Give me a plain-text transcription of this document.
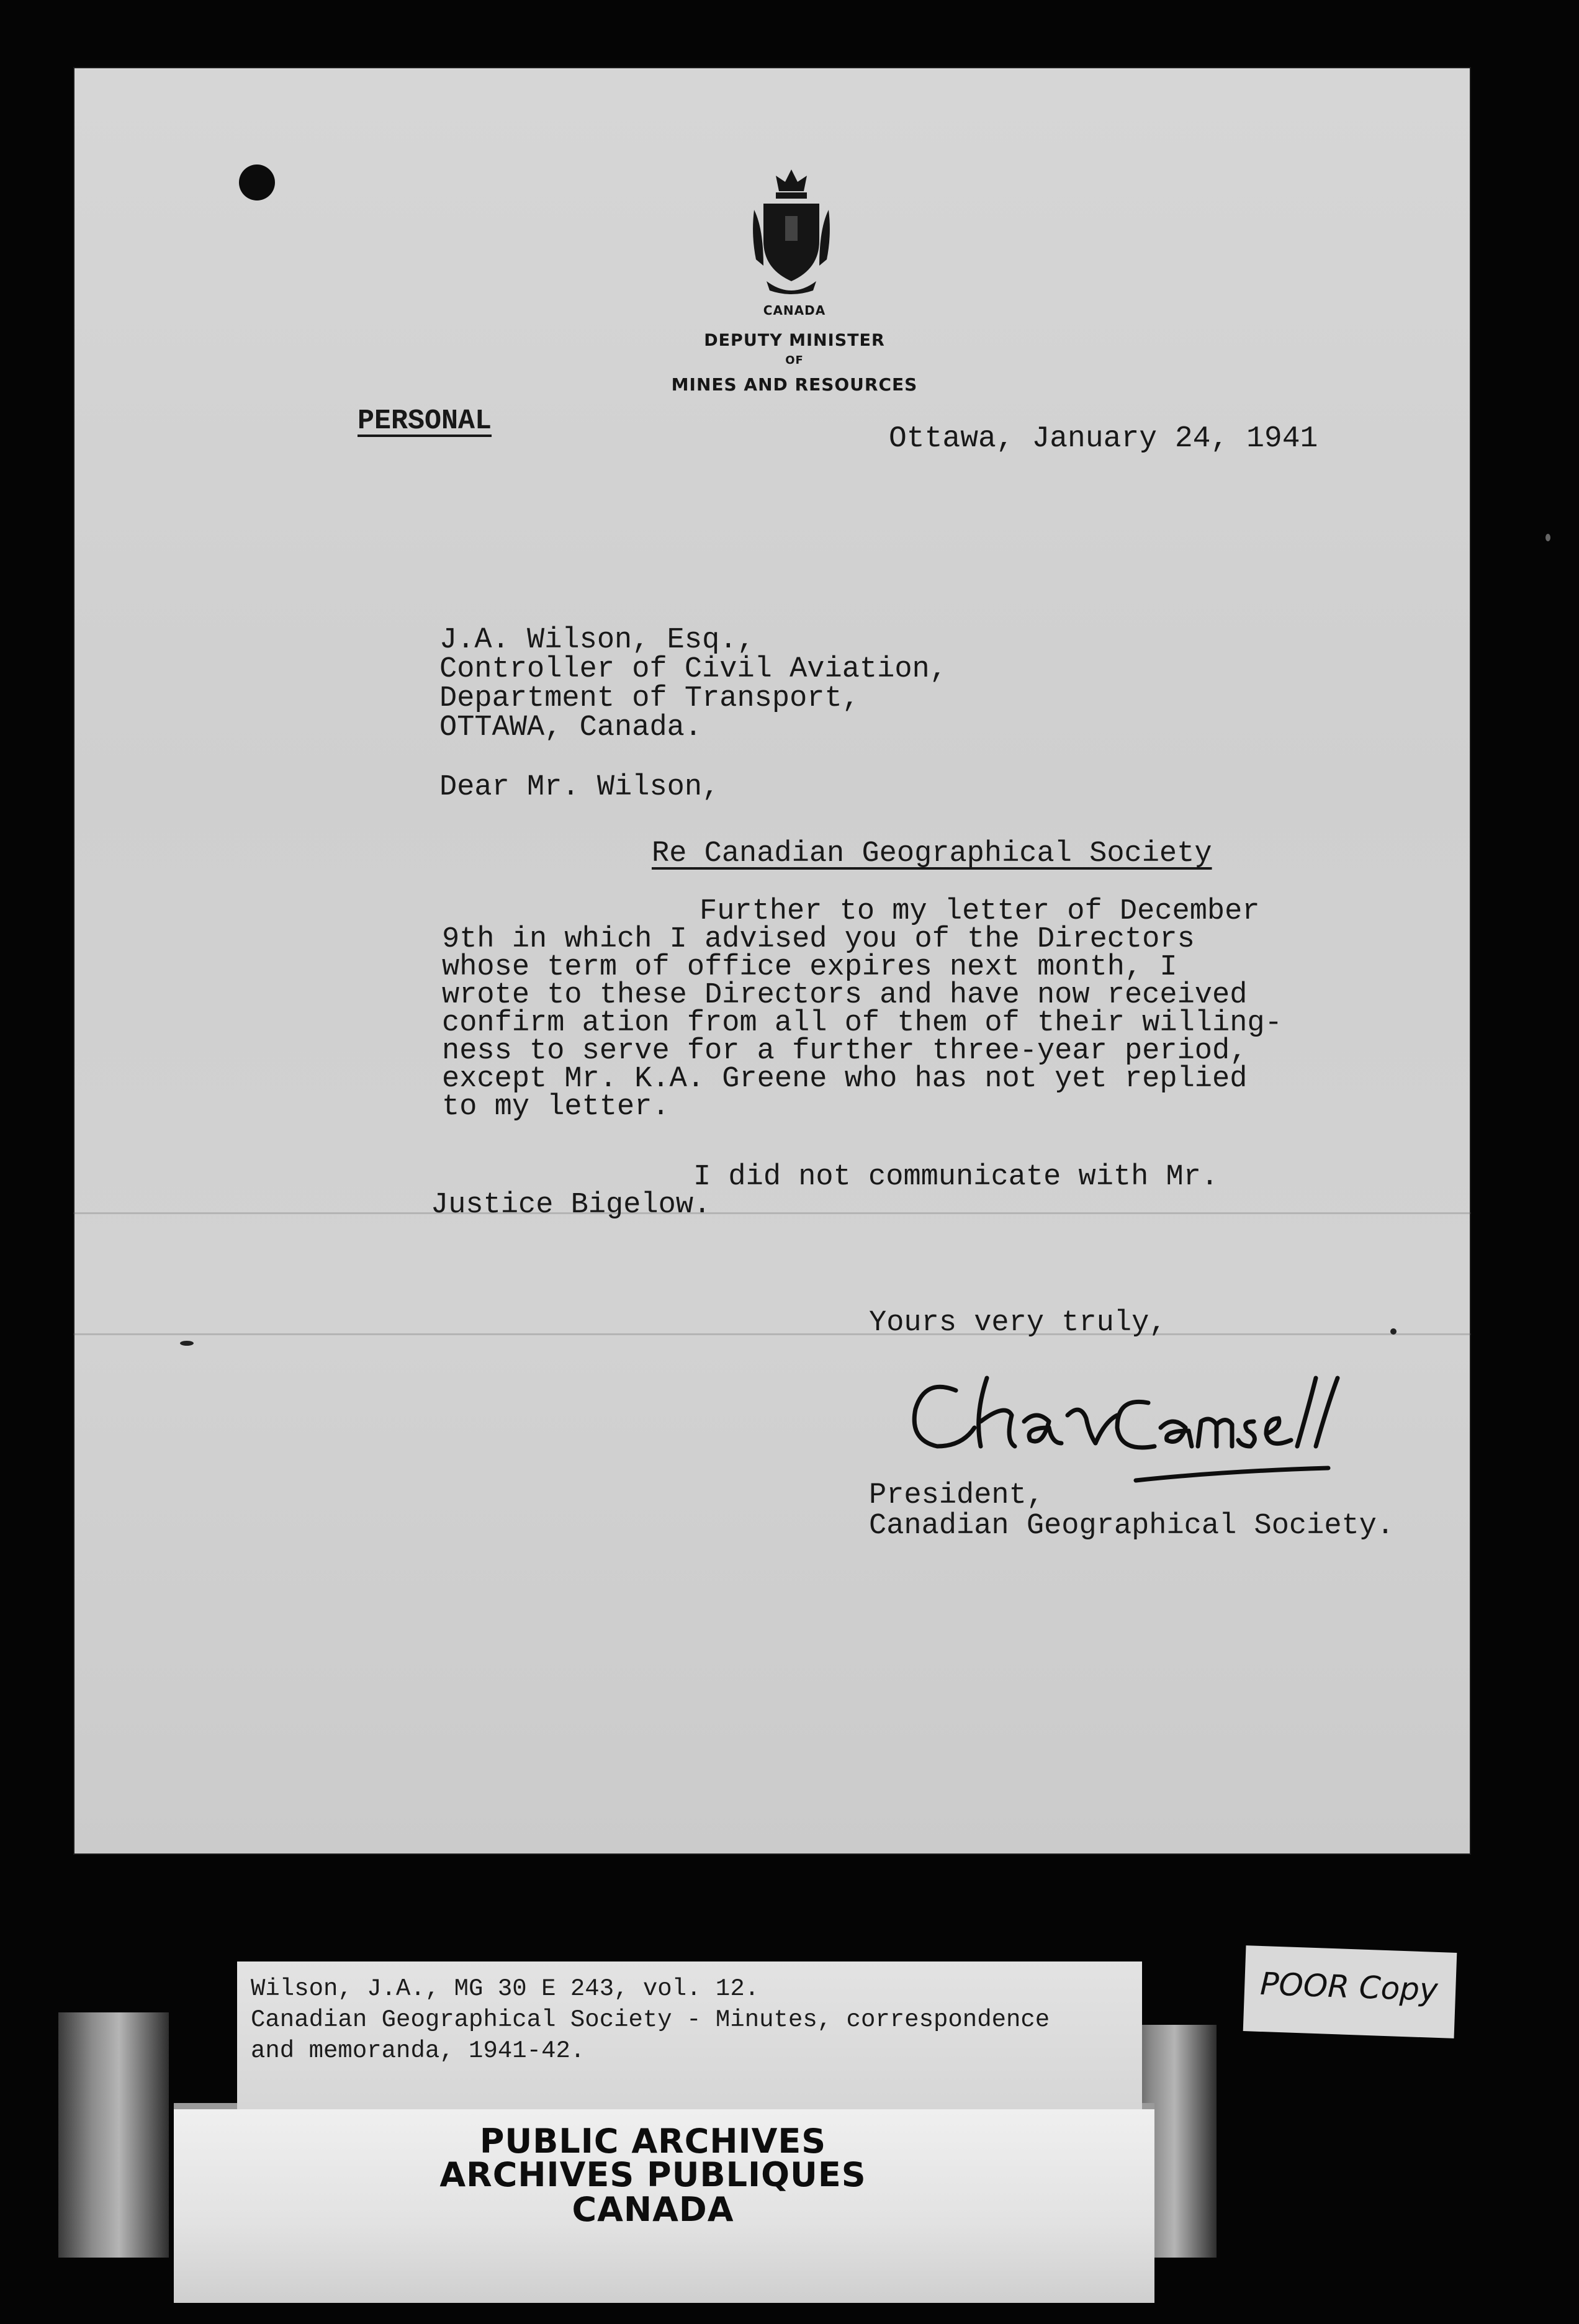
CANADA
DEPUTY MINISTER
OF
MINES AND RESOURCES
PERSONAL
Ottawa, January 24, 1941
J.A. Wilson, Esq.,
Controller of Civil Aviation,
Department of Transport,
OTTAWA, Canada.
Dear Mr. Wilson,
Re Canadian Geographical Society
Further to my letter of December
9th in which I advised you of the Directors
whose term of office expires next month, I
wrote to these Directors and have now received
confirm ation from all of them of their willing-
ness to serve for a further three-year period,
except Mr. K.A. Greene who has not yet replied
to my letter.
I did not communicate with Mr.
Justice Bigelow.
Yours very truly,
President,
Canadian Geographical Society.
Wilson, J.A., MG 30 E 243, vol. 12.
Canadian Geographical Society - Minutes, correspondence
and memoranda, 1941-42.
POOR Copy
PUBLIC ARCHIVES
ARCHIVES PUBLIQUES
CANADA
